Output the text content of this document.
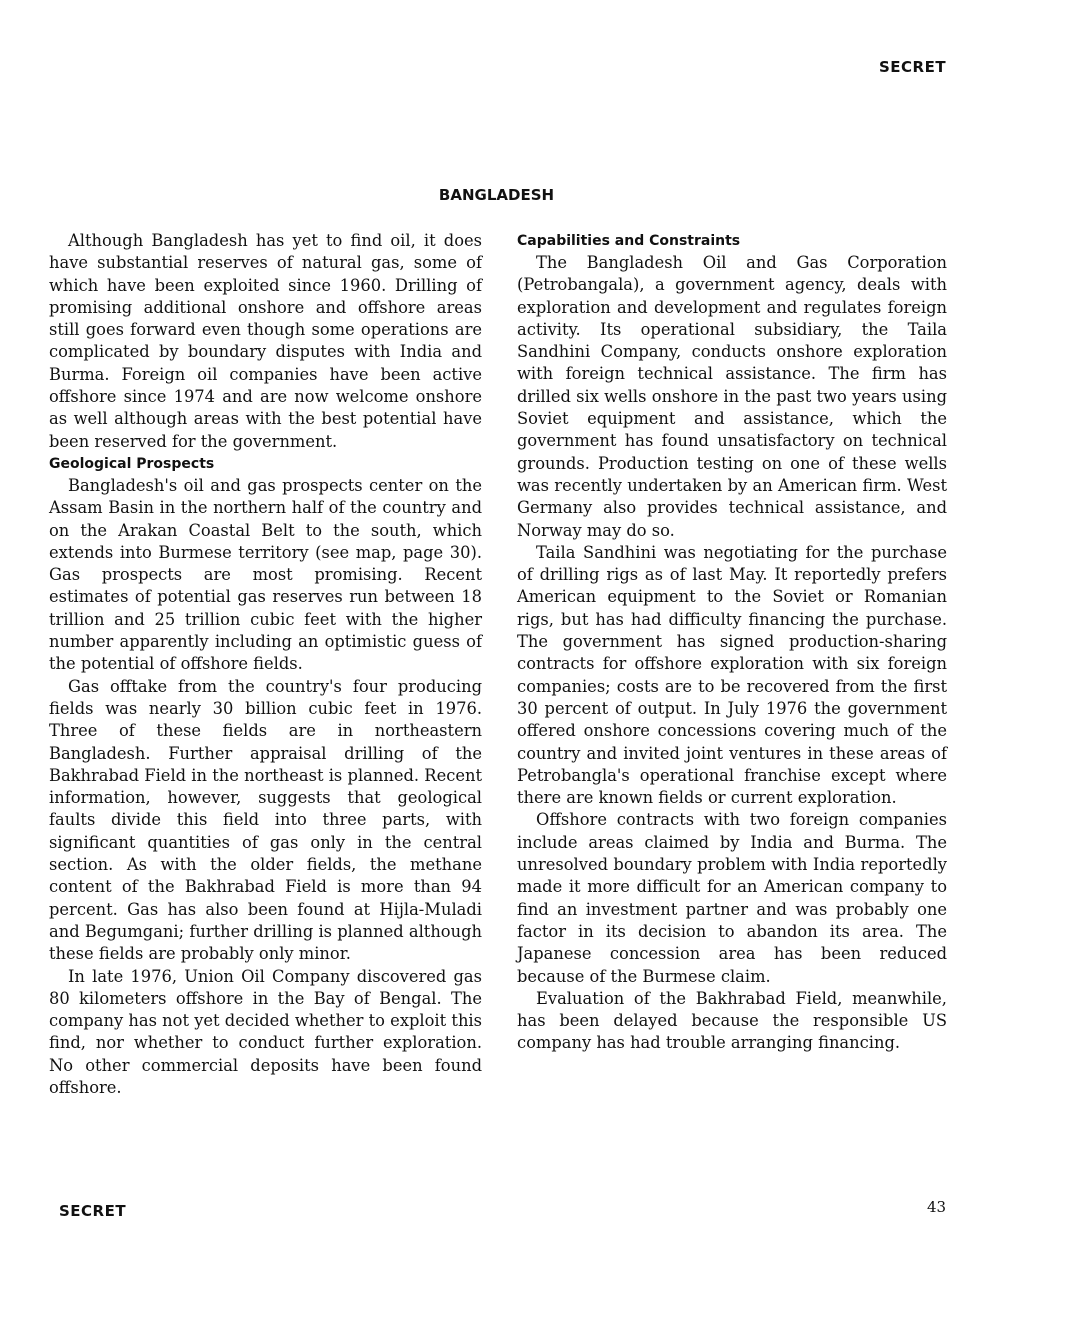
SECRET
BANGLADESH

Although Bangladesh has yet to find oil, it does have substantial reserves of natural gas, some of which have been exploited since 1960. Drilling of promising additional onshore and offshore areas still goes forward even though some operations are complicated by boundary disputes with India and Burma. Foreign oil companies have been active offshore since 1974 and are now welcome onshore as well although areas with the best potential have been reserved for the government.

Geological Prospects

Bangladesh's oil and gas prospects center on the Assam Basin in the northern half of the country and on the Arakan Coastal Belt to the south, which extends into Burmese territory (see map, page 30). Gas prospects are most promising. Recent estimates of potential gas reserves run between 18 trillion and 25 trillion cubic feet with the higher number apparently including an optimistic guess of the potential of offshore fields.

Gas offtake from the country's four producing fields was nearly 30 billion cubic feet in 1976. Three of these fields are in northeastern Bangladesh. Further appraisal drilling of the Bakhrabad Field in the northeast is planned. Recent information, however, suggests that geological faults divide this field into three parts, with significant quantities of gas only in the central section. As with the older fields, the methane content of the Bakhrabad Field is more than 94 percent. Gas has also been found at Hijla-Muladi and Begumgani; further drilling is planned although these fields are probably only minor.

In late 1976, Union Oil Company discovered gas 80 kilometers offshore in the Bay of Bengal. The company has not yet decided whether to exploit this find, nor whether to conduct further exploration. No other commercial deposits have been found offshore.

Capabilities and Constraints

The Bangladesh Oil and Gas Corporation (Petrobangala), a government agency, deals with exploration and development and regulates foreign activity. Its operational subsidiary, the Taila Sandhini Company, conducts onshore exploration with foreign technical assistance. The firm has drilled six wells onshore in the past two years using Soviet equipment and assistance, which the government has found unsatisfactory on technical grounds. Production testing on one of these wells was recently undertaken by an American firm. West Germany also provides technical assistance, and Norway may do so.

Taila Sandhini was negotiating for the purchase of drilling rigs as of last May. It reportedly prefers American equipment to the Soviet or Romanian rigs, but has had difficulty financing the purchase. The government has signed production-sharing contracts for offshore exploration with six foreign companies; costs are to be recovered from the first 30 percent of output. In July 1976 the government offered onshore concessions covering much of the country and invited joint ventures in these areas of Petrobangla's operational franchise except where there are known fields or current exploration.

Offshore contracts with two foreign companies include areas claimed by India and Burma. The unresolved boundary problem with India reportedly made it more difficult for an American company to find an investment partner and was probably one factor in its decision to abandon its area. The Japanese concession area has been reduced because of the Burmese claim.

Evaluation of the Bakhrabad Field, meanwhile, has been delayed because the responsible US company has had trouble arranging financing.

SECRET	43
